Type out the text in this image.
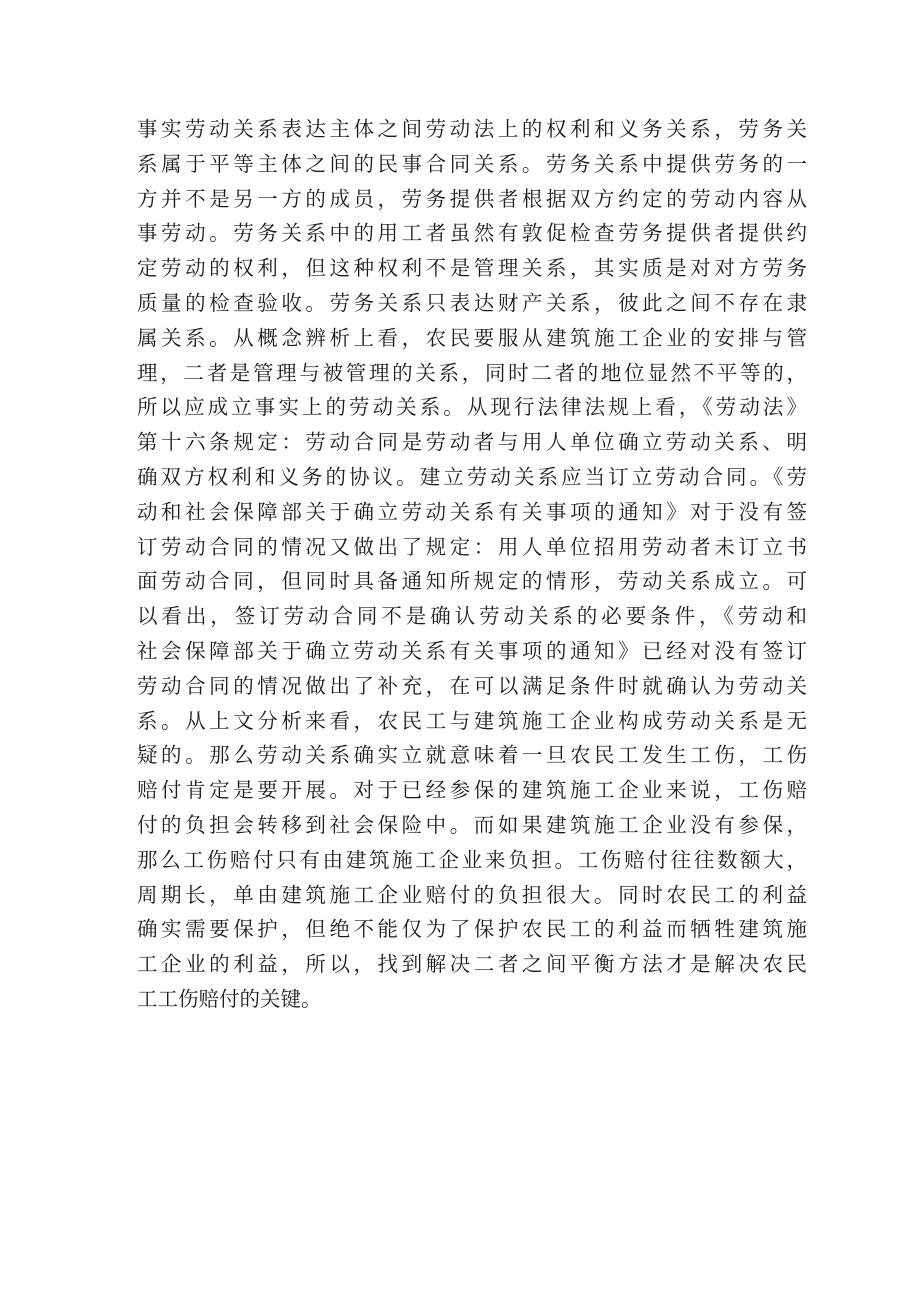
事实劳动关系表达主体之间劳动法上的权利和义务关系，劳务关
系属于平等主体之间的民事合同关系。劳务关系中提供劳务的一
方并不是另一方的成员，劳务提供者根据双方约定的劳动内容从
事劳动。劳务关系中的用工者虽然有敦促检查劳务提供者提供约
定劳动的权利，但这种权利不是管理关系，其实质是对对方劳务
质量的检查验收。劳务关系只表达财产关系，彼此之间不存在隶
属关系。从概念辨析上看，农民要服从建筑施工企业的安排与管
理，二者是管理与被管理的关系，同时二者的地位显然不平等的，
所以应成立事实上的劳动关系。从现行法律法规上看，《劳动法》
第十六条规定：劳动合同是劳动者与用人单位确立劳动关系、明
确双方权利和义务的协议。建立劳动关系应当订立劳动合同。《劳
动和社会保障部关于确立劳动关系有关事项的通知》对于没有签
订劳动合同的情况又做出了规定：用人单位招用劳动者未订立书
面劳动合同，但同时具备通知所规定的情形，劳动关系成立。可
以看出，签订劳动合同不是确认劳动关系的必要条件，《劳动和
社会保障部关于确立劳动关系有关事项的通知》已经对没有签订
劳动合同的情况做出了补充，在可以满足条件时就确认为劳动关
系。从上文分析来看，农民工与建筑施工企业构成劳动关系是无
疑的。那么劳动关系确实立就意味着一旦农民工发生工伤，工伤
赔付肯定是要开展。对于已经参保的建筑施工企业来说，工伤赔
付的负担会转移到社会保险中。而如果建筑施工企业没有参保，
那么工伤赔付只有由建筑施工企业来负担。工伤赔付往往数额大，
周期长，单由建筑施工企业赔付的负担很大。同时农民工的利益
确实需要保护，但绝不能仅为了保护农民工的利益而牺牲建筑施
工企业的利益，所以，找到解决二者之间平衡方法才是解决农民
工工伤赔付的关键。
